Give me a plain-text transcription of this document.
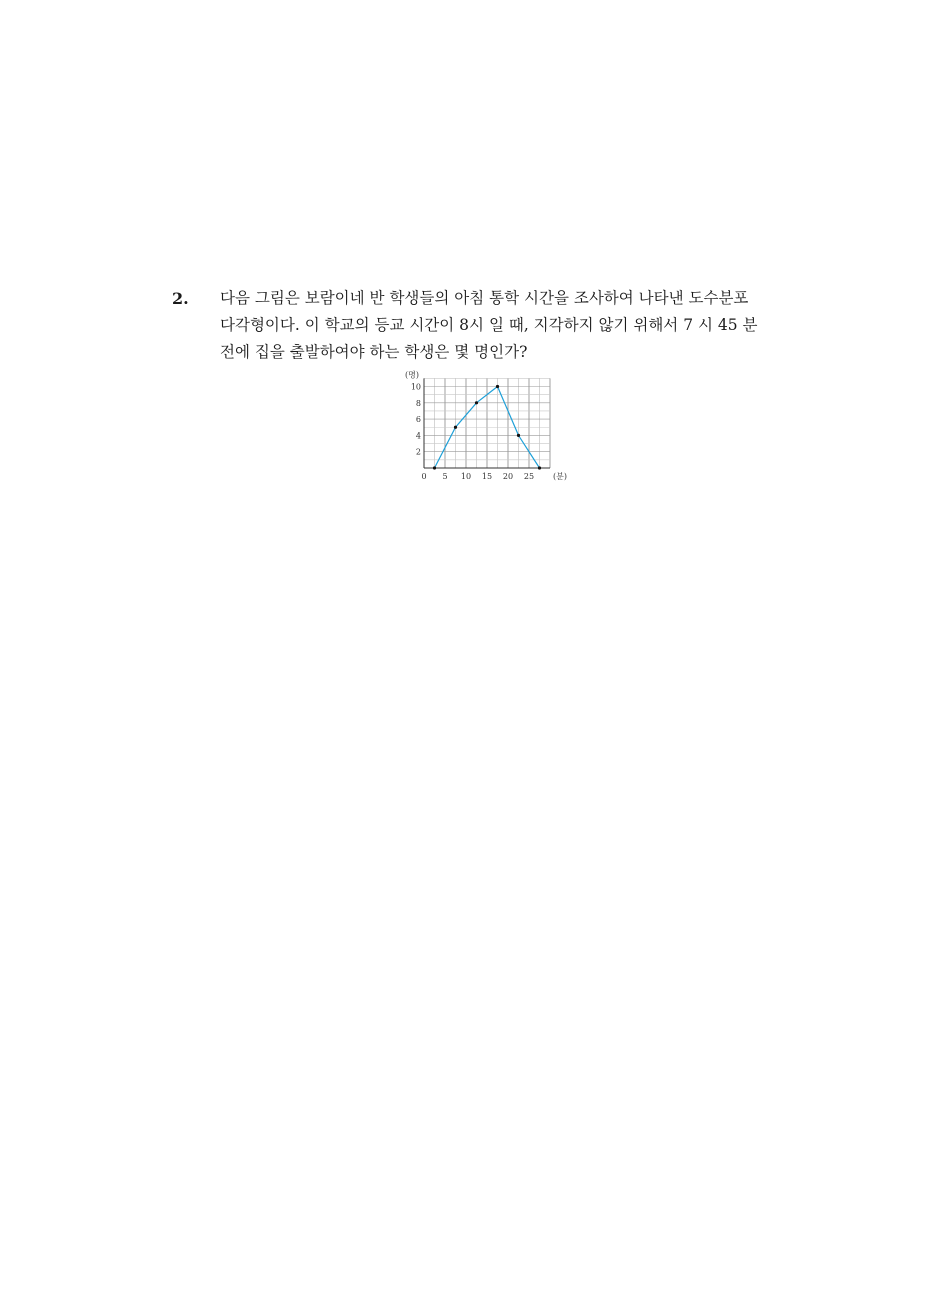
2. 다음 그림은 보람이네 반 학생들의 아침 통학 시간을 조사하여 나타낸 도수분포
다각형이다. 이 학교의 등교 시간이 8시 일 때, 지각하지 않기 위해서 7 시 45 분
전에 집을 출발하여야 하는 학생은 몇 명인가?
0 5 10 15 20 25
2
4
6
8
10
(명)
(분)
